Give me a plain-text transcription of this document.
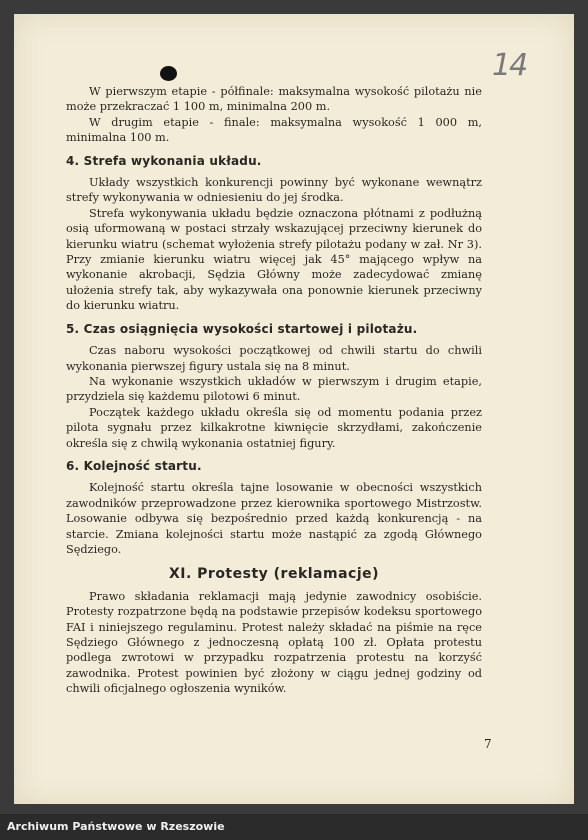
14

W pierwszym etapie - półfinale: maksymalna wysokość pilotażu nie może przekraczać 1 100 m, minimalna 200 m.

W drugim etapie - finale: maksymalna wysokość 1 000 m, minimalna 100 m.

4. Strefa wykonania układu.

Układy wszystkich konkurencji powinny być wykonane wewnątrz strefy wykonywania w odniesieniu do jej środka.

Strefa wykonywania układu będzie oznaczona płótnami z podłużną osią uformowaną w postaci strzały wskazującej przeciwny kierunek do kierunku wiatru (schemat wyłożenia strefy pilotażu podany w zał. Nr 3). Przy zmianie kierunku wiatru więcej jak 45° mającego wpływ na wykonanie akrobacji, Sędzia Główny może zadecydować zmianę ułożenia strefy tak, aby wykazywała ona ponownie kierunek przeciwny do kierunku wiatru.

5. Czas osiągnięcia wysokości startowej i pilotażu.

Czas naboru wysokości początkowej od chwili startu do chwili wykonania pierwszej figury ustala się na 8 minut.

Na wykonanie wszystkich układów w pierwszym i drugim etapie, przydziela się każdemu pilotowi 6 minut.

Początek każdego układu określa się od momentu podania przez pilota sygnału przez kilkakrotne kiwnięcie skrzydłami, zakończenie określa się z chwilą wykonania ostatniej figury.

6. Kolejność startu.

Kolejność startu określa tajne losowanie w obecności wszystkich zawodników przeprowadzone przez kierownika sportowego Mistrzostw. Losowanie odbywa się bezpośrednio przed każdą konkurencją - na starcie. Zmiana kolejności startu może nastąpić za zgodą Głównego Sędziego.

XI. Protesty (reklamacje)

Prawo składania reklamacji mają jedynie zawodnicy osobiście. Protesty rozpatrzone będą na podstawie przepisów kodeksu sportowego FAI i niniejszego regulaminu. Protest należy składać na piśmie na ręce Sędziego Głównego z jednoczesną opłatą 100 zł. Opłata protestu podlega zwrotowi w przypadku rozpatrzenia protestu na korzyść zawodnika. Protest powinien być złożony w ciągu jednej godziny od chwili oficjalnego ogłoszenia wyników.

7
Archiwum Państwowe w Rzeszowie
